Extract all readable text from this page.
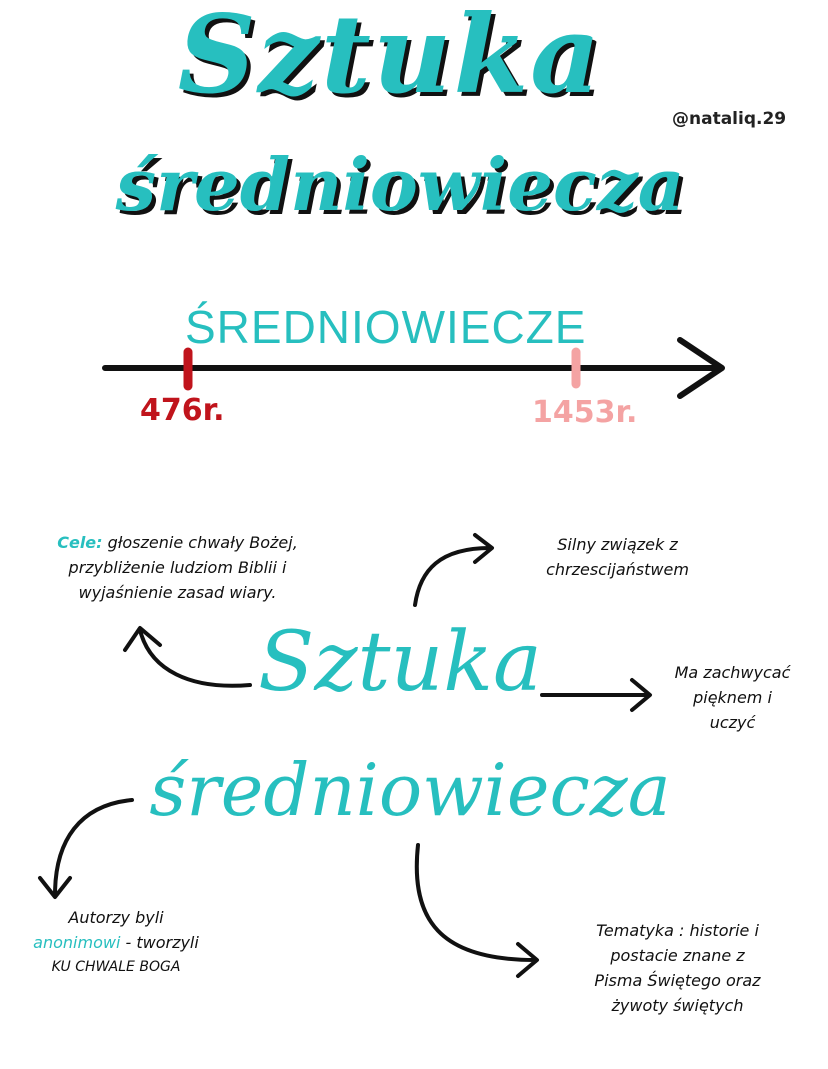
Sztuka
średniowiecza
@nataliq.29
ŚREDNIOWIECZE
476r.	1453r.
Sztuka
średniowiecza
Cele: głoszenie chwały Bożej,
przybliżenie ludziom Biblii i
wyjaśnienie zasad wiary.
Silny związek z
chrzescijaństwem
Ma zachwycać
pięknem i
uczyć
Autorzy byli
anonimowi - tworzyli
KU CHWALE BOGA
Tematyka : historie i
postacie znane z
Pisma Świętego oraz
żywoty świętych
